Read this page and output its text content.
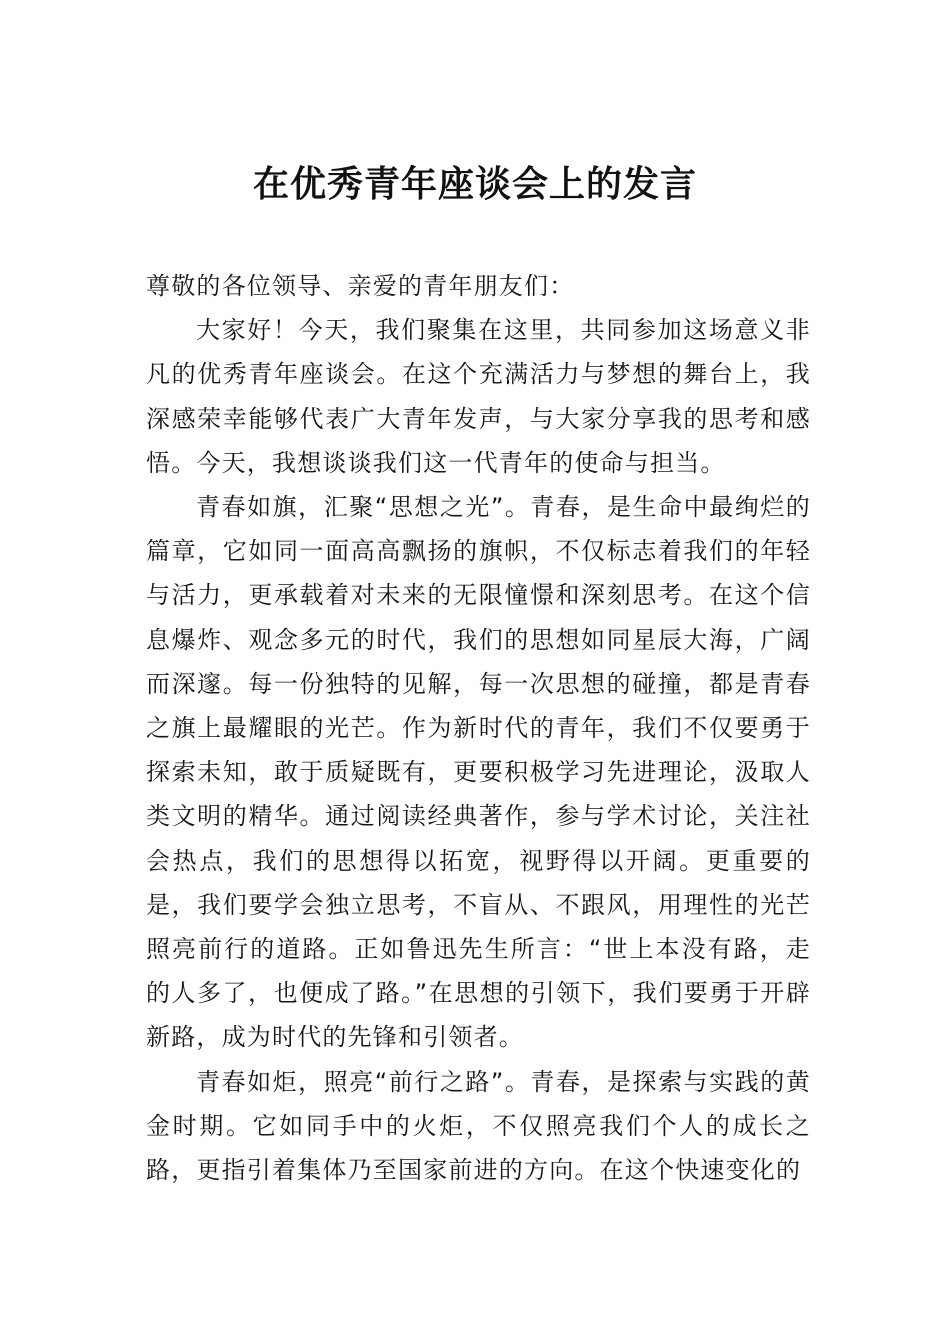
在优秀青年座谈会上的发言

尊敬的各位领导、亲爱的青年朋友们：

大家好！今天，我们聚集在这里，共同参加这场意义非凡的优秀青年座谈会。在这个充满活力与梦想的舞台上，我深感荣幸能够代表广大青年发声，与大家分享我的思考和感悟。今天，我想谈谈我们这一代青年的使命与担当。

青春如旗，汇聚“思想之光”。青春，是生命中最绚烂的篇章，它如同一面高高飘扬的旗帜，不仅标志着我们的年轻与活力，更承载着对未来的无限憧憬和深刻思考。在这个信息爆炸、观念多元的时代，我们的思想如同星辰大海，广阔而深邃。每一份独特的见解，每一次思想的碰撞，都是青春之旗上最耀眼的光芒。作为新时代的青年，我们不仅要勇于探索未知，敢于质疑既有，更要积极学习先进理论，汲取人类文明的精华。通过阅读经典著作，参与学术讨论，关注社会热点，我们的思想得以拓宽，视野得以开阔。更重要的是，我们要学会独立思考，不盲从、不跟风，用理性的光芒照亮前行的道路。正如鲁迅先生所言：“世上本没有路，走的人多了，也便成了路。”在思想的引领下，我们要勇于开辟新路，成为时代的先锋和引领者。

青春如炬，照亮“前行之路”。青春，是探索与实践的黄金时期。它如同手中的火炬，不仅照亮我们个人的成长之路，更指引着集体乃至国家前进的方向。在这个快速变化的
